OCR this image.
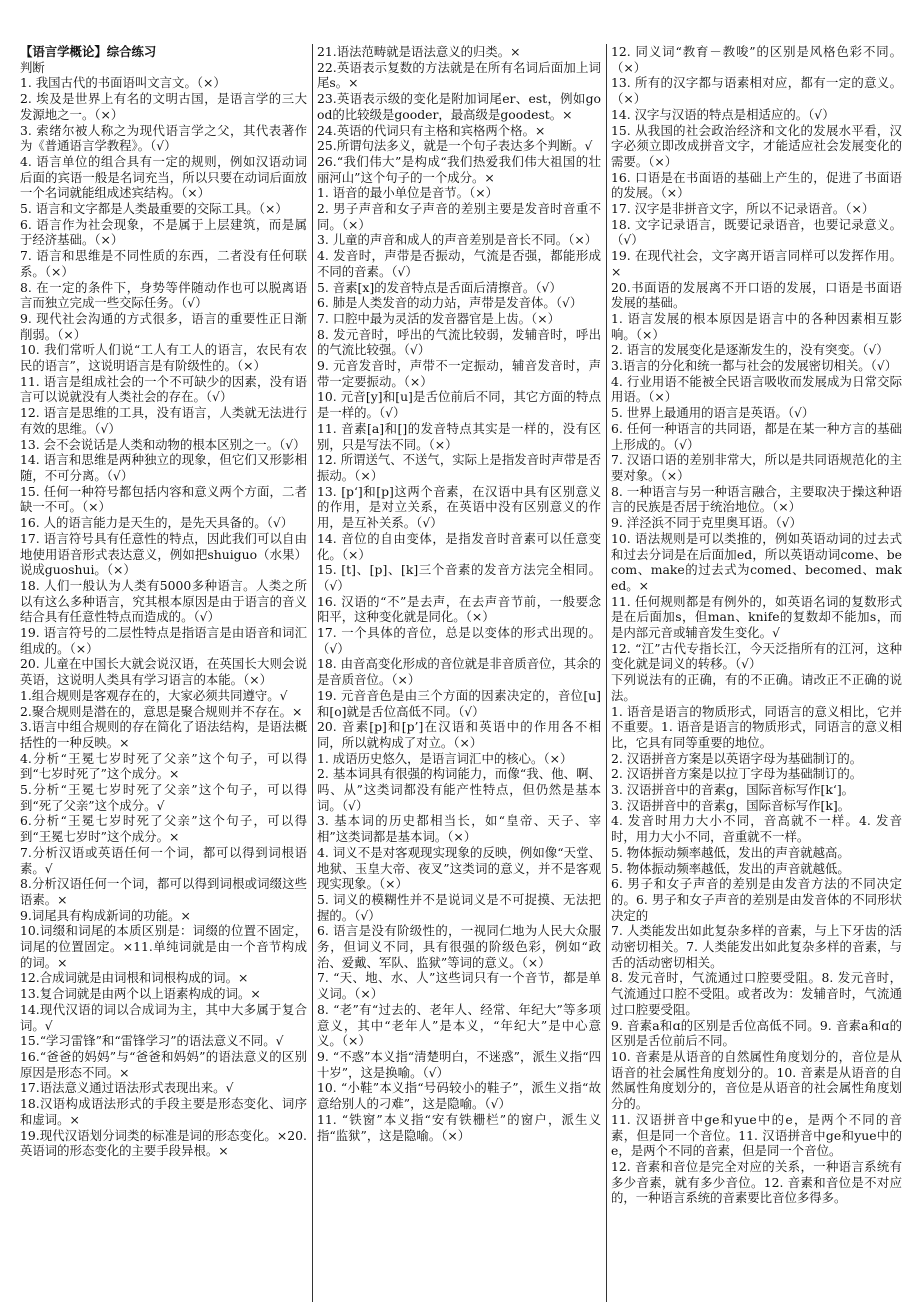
【语言学概论】综合练习

判断

1. 我国古代的书面语叫文言文。（×）

2. 埃及是世界上有名的文明古国，是语言学的三大发源地之一。（×）

3. 索绪尔被人称之为现代语言学之父，其代表著作为《普通语言学教程》。（√）

4. 语言单位的组合具有一定的规则，例如汉语动词后面的宾语一般是名词充当，所以只要在动词后面放一个名词就能组成述宾结构。（×）

5. 语言和文字都是人类最重要的交际工具。（×）

6. 语言作为社会现象，不是属于上层建筑，而是属于经济基础。（×）

7. 语言和思维是不同性质的东西，二者没有任何联系。（×）

8. 在一定的条件下，身势等伴随动作也可以脱离语言而独立完成一些交际任务。（√）

9. 现代社会沟通的方式很多，语言的重要性正日渐削弱。（×）

10. 我们常听人们说“工人有工人的语言，农民有农民的语言”，这说明语言是有阶级性的。（×）

11. 语言是组成社会的一个不可缺少的因素，没有语言可以说就没有人类社会的存在。（√）

12. 语言是思维的工具，没有语言，人类就无法进行有效的思维。（√）

13. 会不会说话是人类和动物的根本区别之一。（√）

14. 语言和思维是两种独立的现象，但它们又形影相随，不可分离。（√）

15. 任何一种符号都包括内容和意义两个方面，二者缺一不可。（×）

16. 人的语言能力是天生的，是先天具备的。（√）

17. 语言符号具有任意性的特点，因此我们可以自由地使用语音形式表达意义，例如把shuiguo（水果）说成guoshui。（×）

18. 人们一般认为人类有5000多种语言。人类之所以有这么多种语言，究其根本原因是由于语言的音义结合具有任意性特点而造成的。（√）

19. 语言符号的二层性特点是指语言是由语音和词汇组成的。（×）

20. 儿童在中国长大就会说汉语，在英国长大则会说英语，这说明人类具有学习语言的本能。（×）

1.组合规则是客观存在的，大家必须共同遵守。√

2.聚合规则是潜在的，意思是聚合规则并不存在。×

3.语言中组合规则的存在简化了语法结构，是语法概括性的一种反映。×

4.分析“王冕七岁时死了父亲”这个句子，可以得到“七岁时死了”这个成分。×

5.分析“王冕七岁时死了父亲”这个句子，可以得到“死了父亲”这个成分。√

6.分析“王冕七岁时死了父亲”这个句子，可以得到“王冕七岁时”这个成分。×

7.分析汉语或英语任何一个词，都可以得到词根语素。√

8.分析汉语任何一个词，都可以得到词根或词缀这些语素。×

9.词尾具有构成新词的功能。×

10.词缀和词尾的本质区别是：词缀的位置不固定，词尾的位置固定。×11.单纯词就是由一个音节构成的词。×

12.合成词就是由词根和词根构成的词。×

13.复合词就是由两个以上语素构成的词。×

14.现代汉语的词以合成词为主，其中大多属于复合词。√

15.“学习雷锋”和“雷锋学习”的语法意义不同。√

16.“爸爸的妈妈”与“爸爸和妈妈”的语法意义的区别原因是形态不同。×

17.语法意义通过语法形式表现出来。√

18.汉语构成语法形式的手段主要是形态变化、词序和虚词。×

19.现代汉语划分词类的标准是词的形态变化。×20.英语词的形态变化的主要手段异根。×

21.语法范畴就是语法意义的归类。×

22.英语表示复数的方法就是在所有名词后面加上词尾s。×

23.英语表示级的变化是附加词尾er、est，例如good的比较级是gooder，最高级是goodest。×

24.英语的代词只有主格和宾格两个格。×

25.所谓句法多义，就是一个句子表达多个判断。√

26.“我们伟大”是构成“我们热爱我们伟大祖国的壮丽河山”这个句子的一个成分。×

1. 语音的最小单位是音节。（×）

2. 男子声音和女子声音的差别主要是发音时音重不同。（×）

3. 儿童的声音和成人的声音差别是音长不同。（×）

4. 发音时，声带是否振动，气流是否强，都能形成不同的音素。（√）

5. 音素[x]的发音特点是舌面后清擦音。（√）

6. 肺是人类发音的动力站，声带是发音体。（√）

7. 口腔中最为灵活的发音器官是上齿。（×）

8. 发元音时，呼出的气流比较弱，发辅音时，呼出的气流比较强。（√）

9. 元音发音时，声带不一定振动，辅音发音时，声带一定要振动。（×）

10. 元音[y]和[u]是舌位前后不同，其它方面的特点是一样的。（√）

11. 音素[a]和[]的发音特点其实是一样的，没有区别，只是写法不同。（×）

12. 所谓送气、不送气，实际上是指发音时声带是否振动。（×）

13. [p‘]和[p]这两个音素，在汉语中具有区别意义的作用，是对立关系，在英语中没有区别意义的作用，是互补关系。（√）

14. 音位的自由变体，是指发音时音素可以任意变化。（×）

15. [t]、[p]、[k]三个音素的发音方法完全相同。（√）

16. 汉语的“不”是去声，在去声音节前，一般要念阳平，这种变化就是同化。（×）

17. 一个具体的音位，总是以变体的形式出现的。（√）

18. 由音高变化形成的音位就是非音质音位，其余的是音质音位。（×）

19. 元音音色是由三个方面的因素决定的，音位[u]和[o]就是舌位高低不同。（√）

20. 音素[p]和[p’]在汉语和英语中的作用各不相同，所以就构成了对立。（×）

1. 成语历史悠久，是语言词汇中的核心。（×）

2. 基本词具有很强的构词能力，而像“我、他、啊、吗、从”这类词都没有能产性特点，但仍然是基本词。（√）

3. 基本词的历史都相当长，如“皇帝、天子、宰相”这类词都是基本词。（×）

4. 词义不是对客观现实现象的反映，例如像“天堂、地狱、玉皇大帝、夜叉”这类词的意义，并不是客观现实现象。（×）

5. 词义的模糊性并不是说词义是不可捉摸、无法把握的。（√）

6. 语言是没有阶级性的，一视同仁地为人民大众服务，但词义不同，具有很强的阶级色彩，例如“政治、爱戴、军队、监狱”等词的意义。（×）

7. “天、地、水、人”这些词只有一个音节，都是单义词。（×）

8. “老”有“过去的、老年人、经常、年纪大”等多项意义，其中“老年人”是本义，“年纪大”是中心意义。（×）

9. “不惑”本义指“清楚明白，不迷惑”，派生义指“四十岁”，这是换喻。（√）

10. “小鞋”本义指“号码较小的鞋子”，派生义指“故意给别人的刁难”，这是隐喻。（√）

11. “铁窗”本义指“安有铁栅栏”的窗户，派生义指“监狱”，这是隐喻。（×）

12. 同义词“教育－教唆”的区别是风格色彩不同。（×）

13. 所有的汉字都与语素相对应，都有一定的意义。（×）

14. 汉字与汉语的特点是相适应的。（√）

15. 从我国的社会政治经济和文化的发展水平看，汉字必须立即改成拼音文字，才能适应社会发展变化的需要。（×）

16. 口语是在书面语的基础上产生的，促进了书面语的发展。（×）

17. 汉字是非拼音文字，所以不记录语音。（×）

18. 文字记录语言，既要记录语音，也要记录意义。（√）

19. 在现代社会，文字离开语言同样可以发挥作用。×

20.书面语的发展离不开口语的发展，口语是书面语发展的基础。

1. 语言发展的根本原因是语言中的各种因素相互影响。（×）

2. 语言的发展变化是逐渐发生的，没有突变。（√）

3.语言的分化和统一都与社会的发展密切相关。（√）

4. 行业用语不能被全民语言吸收而发展成为日常交际用语。（×）

5. 世界上最通用的语言是英语。（√）

6. 任何一种语言的共同语，都是在某一种方言的基础上形成的。（√）

7. 汉语口语的差别非常大，所以是共同语规范化的主要对象。（×）

8. 一种语言与另一种语言融合，主要取决于操这种语言的民族是否居于统治地位。（×）

9. 洋泾浜不同于克里奥耳语。（√）

10. 语法规则是可以类推的，例如英语动词的过去式和过去分词是在后面加ed，所以英语动词come、becom、make的过去式为comed、becomed、maked。×

11. 任何规则都是有例外的，如英语名词的复数形式是在后面加s，但man、knife的复数却不能加s，而是内部元音或辅音发生变化。√

12. “江”古代专指长江，今天泛指所有的江河，这种变化就是词义的转移。（√）

下列说法有的正确，有的不正确。请改正不正确的说法。

1. 语音是语言的物质形式，同语言的意义相比，它并不重要。1. 语音是语言的物质形式，同语言的意义相比，它具有同等重要的地位。

2. 汉语拼音方案是以英语字母为基础制订的。

2. 汉语拼音方案是以拉丁字母为基础制订的。

3. 汉语拼音中的音素g，国际音标写作[k‘]。

3. 汉语拼音中的音素g，国际音标写作[k]。

4. 发音时用力大小不同，音高就不一样。4. 发音时，用力大小不同，音重就不一样。

5. 物体振动频率越低，发出的声音就越高。

5. 物体振动频率越低，发出的声音就越低。

6. 男子和女子声音的差别是由发音方法的不同决定的。6. 男子和女子声音的差别是由发音体的不同形状决定的

7. 人类能发出如此复杂多样的音素，与上下牙齿的活动密切相关。7. 人类能发出如此复杂多样的音素，与舌的活动密切相关。

8. 发元音时，气流通过口腔要受阻。8. 发元音时，气流通过口腔不受阻。或者改为：发辅音时，气流通过口腔要受阻。

9. 音素a和ɑ的区别是舌位高低不同。9. 音素a和ɑ的区别是舌位前后不同。

10. 音素是从语音的自然属性角度划分的，音位是从语音的社会属性角度划分的。10. 音素是从语音的自然属性角度划分的，音位是从语音的社会属性角度划分的。

11. 汉语拼音中ge和yue中的e，是两个不同的音素，但是同一个音位。11. 汉语拼音中ge和yue中的e，是两个不同的音素，但是同一个音位。

12. 音素和音位是完全对应的关系，一种语言系统有多少音素，就有多少音位。12. 音素和音位是不对应的，一种语言系统的音素要比音位多得多。
